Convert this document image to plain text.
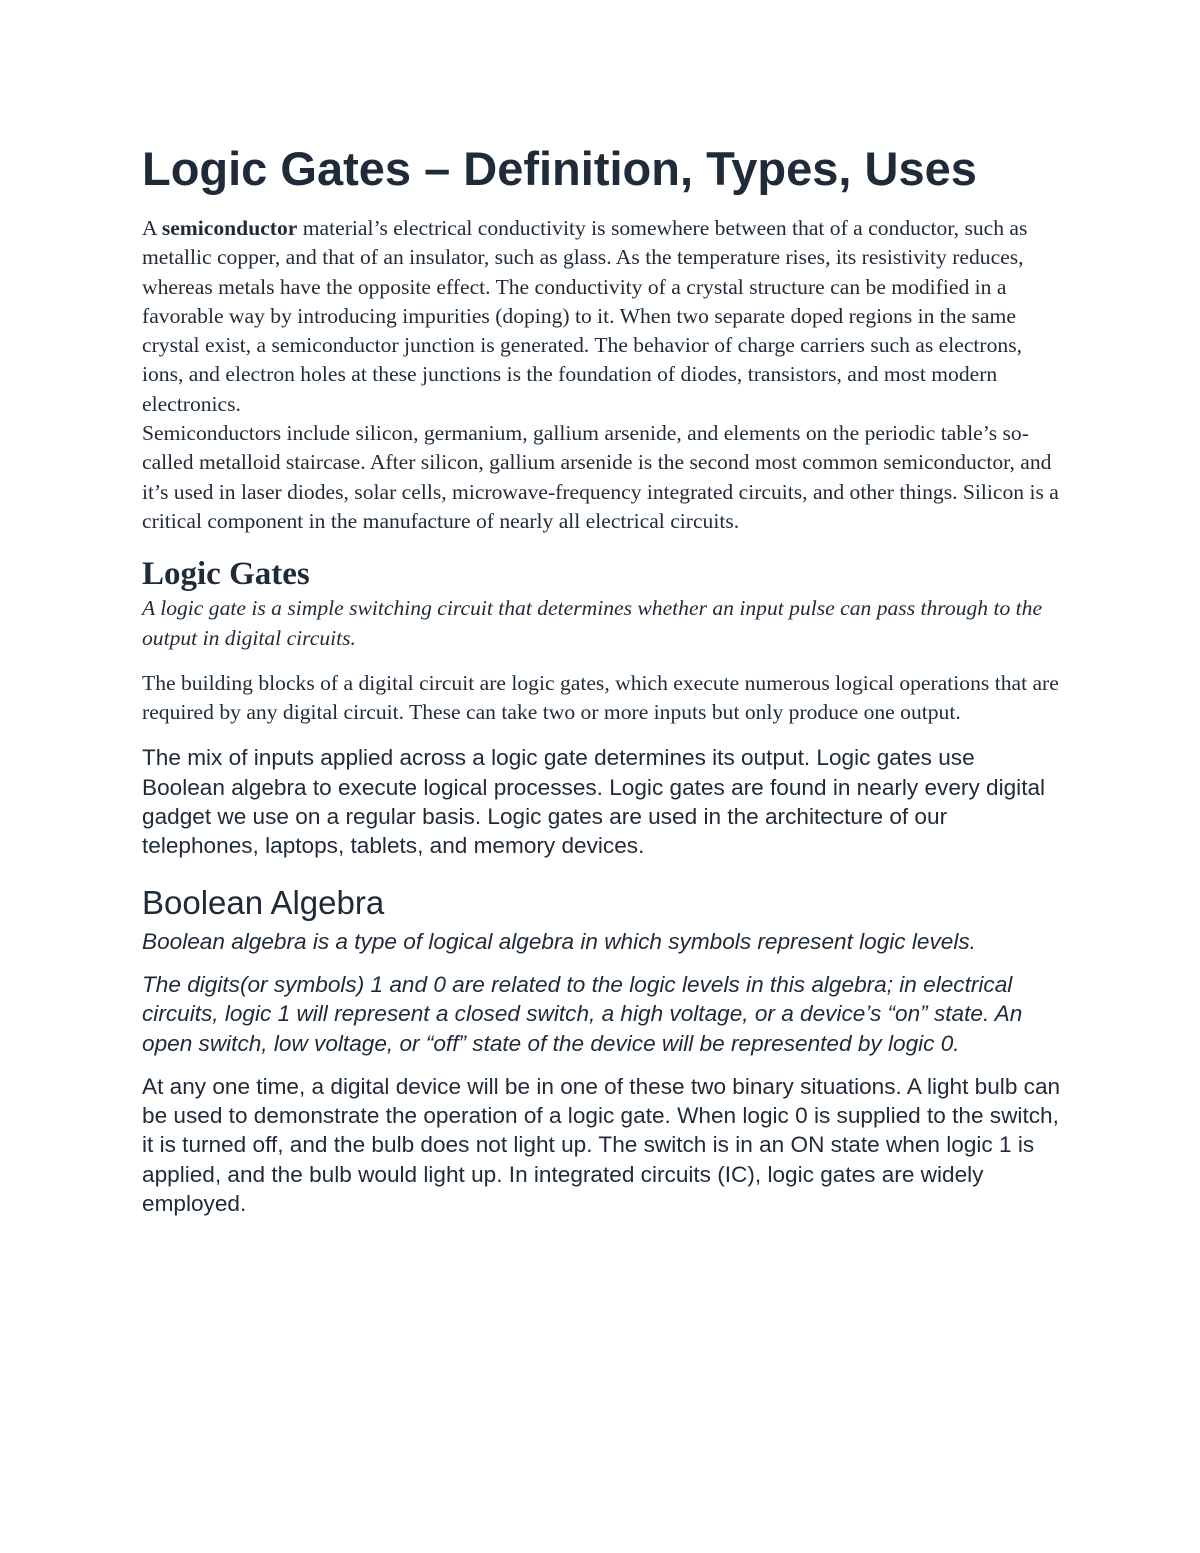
Logic Gates – Definition, Types, Uses

A semiconductor material’s electrical conductivity is somewhere between that of a conductor, such as metallic copper, and that of an insulator, such as glass. As the temperature rises, its resistivity reduces, whereas metals have the opposite effect. The conductivity of a crystal structure can be modified in a favorable way by introducing impurities (doping) to it. When two separate doped regions in the same crystal exist, a semiconductor junction is generated. The behavior of charge carriers such as electrons, ions, and electron holes at these junctions is the foundation of diodes, transistors, and most modern electronics.

Semiconductors include silicon, germanium, gallium arsenide, and elements on the periodic table’s so-called metalloid staircase. After silicon, gallium arsenide is the second most common semiconductor, and it’s used in laser diodes, solar cells, microwave-frequency integrated circuits, and other things. Silicon is a critical component in the manufacture of nearly all electrical circuits.

Logic Gates

A logic gate is a simple switching circuit that determines whether an input pulse can pass through to the output in digital circuits.

The building blocks of a digital circuit are logic gates, which execute numerous logical operations that are required by any digital circuit. These can take two or more inputs but only produce one output.

The mix of inputs applied across a logic gate determines its output. Logic gates use Boolean algebra to execute logical processes. Logic gates are found in nearly every digital gadget we use on a regular basis. Logic gates are used in the architecture of our telephones, laptops, tablets, and memory devices.

Boolean Algebra

Boolean algebra is a type of logical algebra in which symbols represent logic levels.

The digits(or symbols) 1 and 0 are related to the logic levels in this algebra; in electrical circuits, logic 1 will represent a closed switch, a high voltage, or a device’s “on” state. An open switch, low voltage, or “off” state of the device will be represented by logic 0.

At any one time, a digital device will be in one of these two binary situations. A light bulb can be used to demonstrate the operation of a logic gate. When logic 0 is supplied to the switch, it is turned off, and the bulb does not light up. The switch is in an ON state when logic 1 is applied, and the bulb would light up. In integrated circuits (IC), logic gates are widely employed.
